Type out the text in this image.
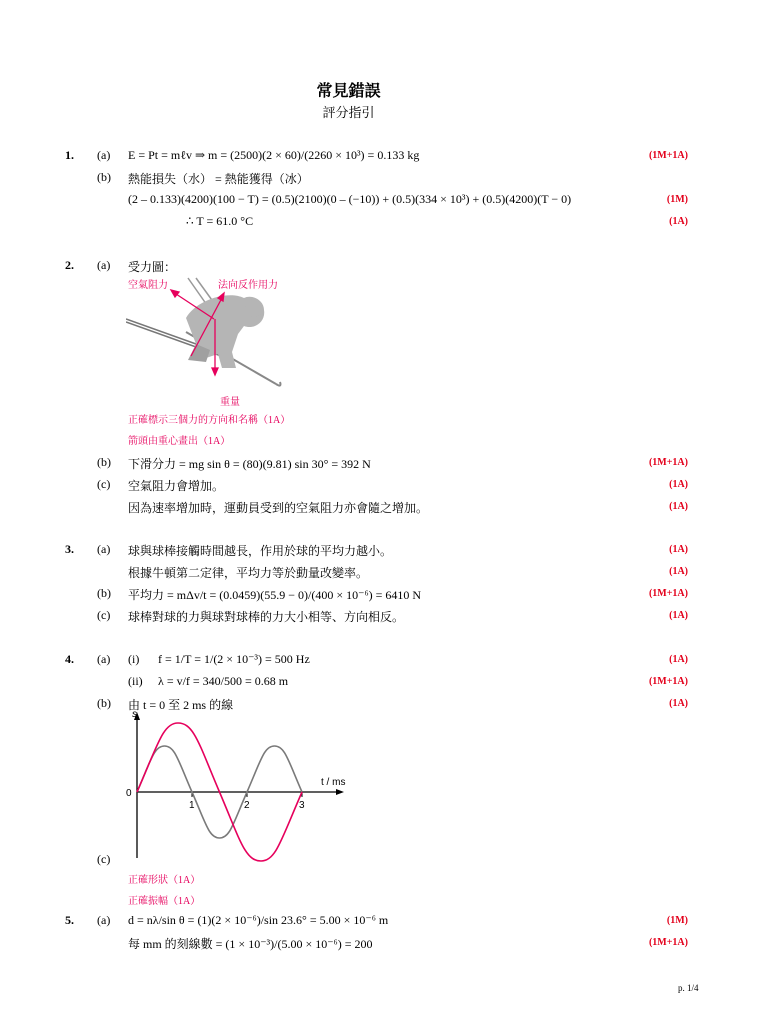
常見錯誤
評分指引
1. (a) E = Pt = mℓv ⇒ m = (2500)(2 × 60)/(2260 × 10³) = 0.133 kg	(1M+1A)
(b) 熱能損失（水） = 熱能獲得（冰）
(2 – 0.133)(4200)(100 − T) = (0.5)(2100)(0 – (−10)) + (0.5)(334 × 10³) + (0.5)(4200)(T − 0)	(1M)
∴ T = 61.0 °C	(1A)
2. (a) 受力圖：
空氣阻力	法向反作用力
重量
正確標示三個力的方向和名稱（1A）
箭頭由重心畫出（1A）
(b) 下滑分力 = mg sin θ = (80)(9.81) sin 30° = 392 N	(1M+1A)
(c) 空氣阻力會增加。	(1A)
因為速率增加時，運動員受到的空氣阻力亦會隨之增加。	(1A)
3. (a) 球與球棒接觸時間越長，作用於球的平均力越小。	(1A)
根據牛頓第二定律，平均力等於動量改變率。	(1A)
(b) 平均力 = mΔv/t = (0.0459)(55.9 − 0)/(400 × 10⁻⁶) = 6410 N	(1M+1A)
(c) 球棒對球的力與球對球棒的力大小相等、方向相反。	(1A)
4. (a) (i) f = 1/T = 1/(2 × 10⁻³) = 500 Hz	(1A)
(ii) λ = v/f = 340/500 = 0.68 m	(1M+1A)
(b) 由 t = 0 至 2 ms 的線	(1A)
s
t / ms
0
1	2	3
(c)
正確形狀（1A）
正確振幅（1A）
5. (a) d = nλ/sin θ = (1)(2 × 10⁻⁶)/sin 23.6° = 5.00 × 10⁻⁶ m	(1M)
每 mm 的刻線數 = (1 × 10⁻³)/(5.00 × 10⁻⁶) = 200	(1M+1A)
p. 1/4
